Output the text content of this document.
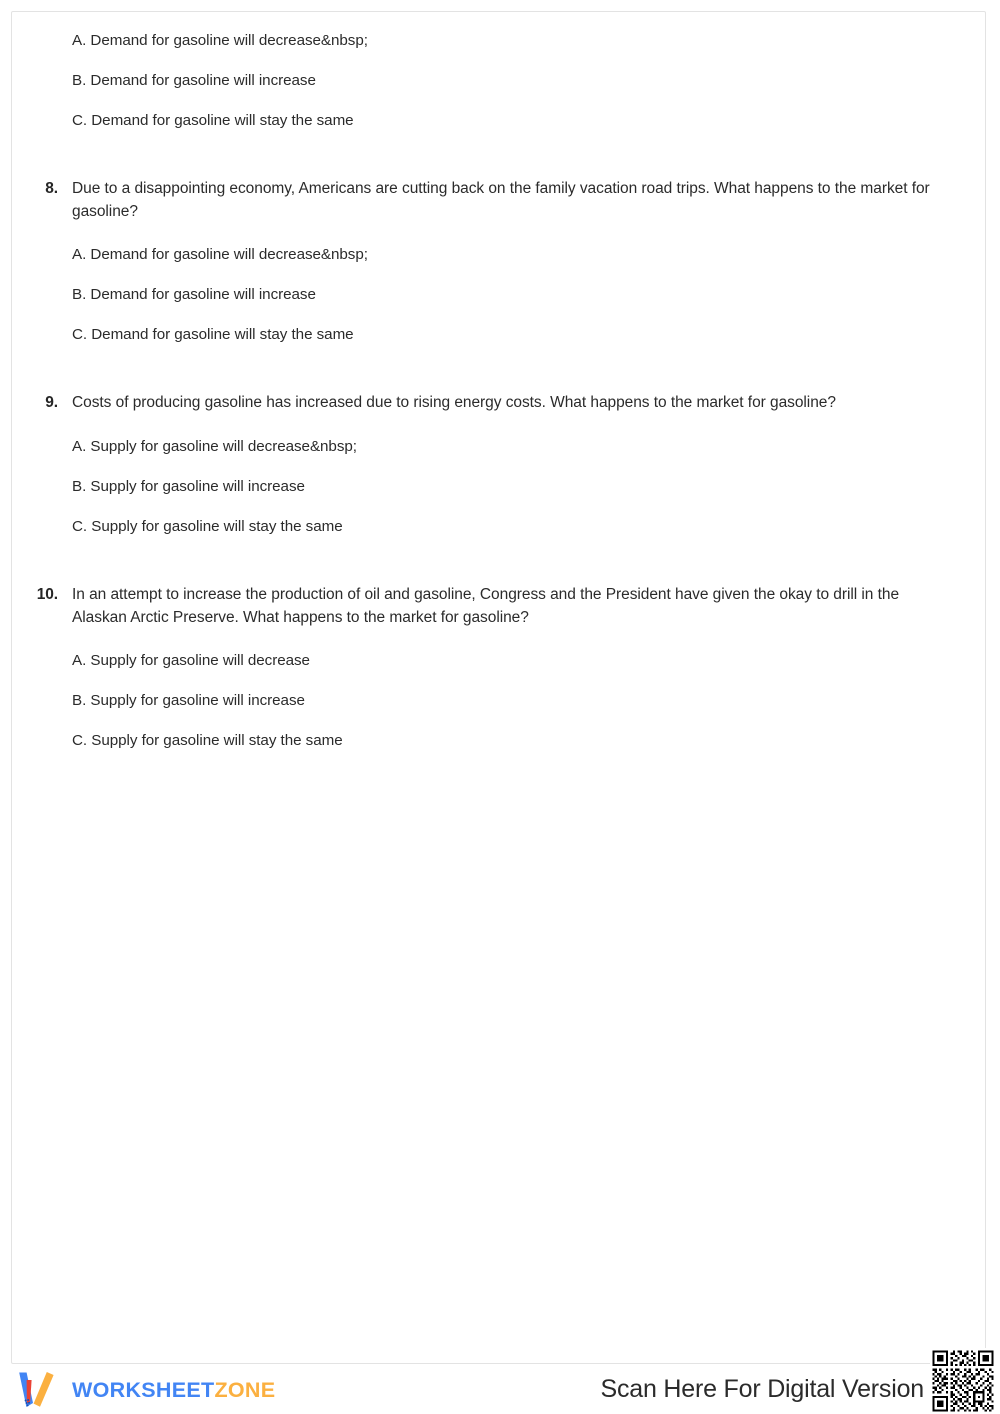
A. Demand for gasoline will decrease&nbsp;
B. Demand for gasoline will increase
C. Demand for gasoline will stay the same
8. Due to a disappointing economy, Americans are cutting back on the family vacation road trips. What happens to the market for gasoline?
A. Demand for gasoline will decrease&nbsp;
B. Demand for gasoline will increase
C. Demand for gasoline will stay the same
9. Costs of producing gasoline has increased due to rising energy costs. What happens to the market for gasoline?
A. Supply for gasoline will decrease&nbsp;
B. Supply for gasoline will increase
C. Supply for gasoline will stay the same
10. In an attempt to increase the production of oil and gasoline, Congress and the President have given the okay to drill in the Alaskan Arctic Preserve. What happens to the market for gasoline?
A. Supply for gasoline will decrease
B. Supply for gasoline will increase
C. Supply for gasoline will stay the same
WORKSHEETZONE	Scan Here For Digital Version
